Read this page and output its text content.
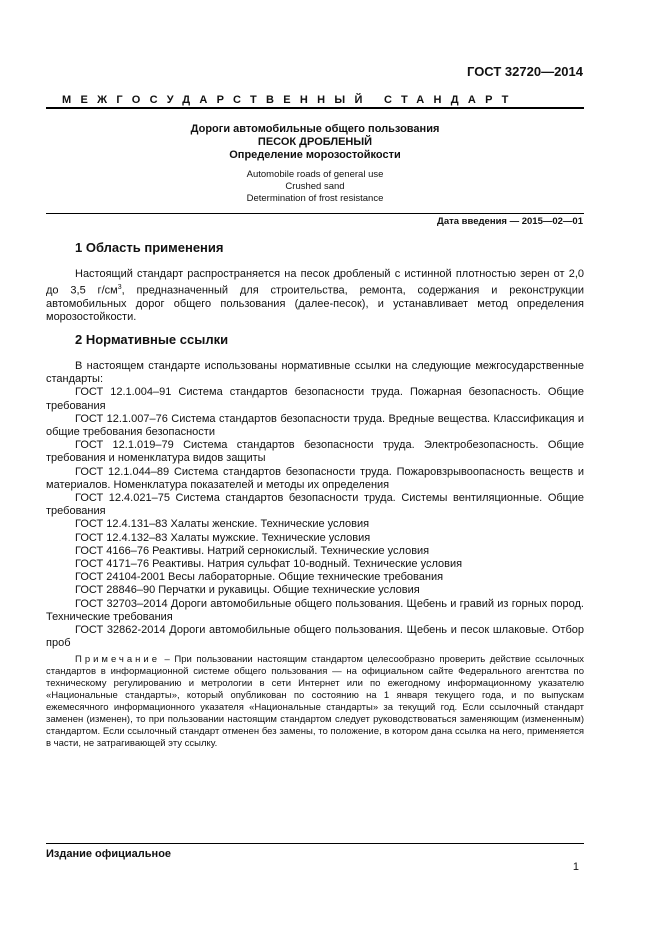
ГОСТ 32720—2014
МЕЖГОСУДАРСТВЕННЫЙ СТАНДАРТ
Дороги автомобильные общего пользования
ПЕСОК ДРОБЛЕНЫЙ
Определение морозостойкости
Automobile roads of general use
Crushed sand
Determination of frost resistance
Дата введения — 2015—02—01
1 Область применения
Настоящий стандарт распространяется на песок дробленый с истинной плотностью зерен от 2,0 до 3,5 $г/см^3$, предназначенный для строительства, ремонта, содержания и реконструкции автомобильных дорог общего пользования (далее-песок), и устанавливает метод определения морозостойкости.
2 Нормативные ссылки

В настоящем стандарте использованы нормативные ссылки на следующие межгосударственные стандарты:

ГОСТ 12.1.004–91 Система стандартов безопасности труда. Пожарная безопасность. Общие требования

ГОСТ 12.1.007–76 Система стандартов безопасности труда. Вредные вещества. Классификация и общие требования безопасности

ГОСТ 12.1.019–79 Система стандартов безопасности труда. Электробезопасность. Общие требования и номенклатура видов защиты

ГОСТ 12.1.044–89 Система стандартов безопасности труда. Пожаровзрывоопасность веществ и материалов. Номенклатура показателей и методы их определения

ГОСТ 12.4.021–75 Система стандартов безопасности труда. Системы вентиляционные. Общие требования

ГОСТ 12.4.131–83 Халаты женские. Технические условия

ГОСТ 12.4.132–83 Халаты мужские. Технические условия

ГОСТ 4166–76 Реактивы. Натрий сернокислый. Технические условия

ГОСТ 4171–76 Реактивы. Натрия сульфат 10-водный. Технические условия

ГОСТ 24104-2001 Весы лабораторные. Общие технические требования

ГОСТ 28846–90 Перчатки и рукавицы. Общие технические условия

ГОСТ 32703–2014 Дороги автомобильные общего пользования. Щебень и гравий из горных пород. Технические требования

ГОСТ 32862-2014 Дороги автомобильные общего пользования. Щебень и песок шлаковые. Отбор проб

Примечание – При пользовании настоящим стандартом целесообразно проверить действие ссылочных стандартов в информационной системе общего пользования — на официальном сайте Федерального агентства по техническому регулированию и метрологии в сети Интернет или по ежегодному информационному указателю «Национальные стандарты», который опубликован по состоянию на 1 января текущего года, и по выпускам ежемесячного информационного указателя «Национальные стандарты» за текущий год. Если ссылочный стандарт заменен (изменен), то при пользовании настоящим стандартом следует руководствоваться заменяющим (измененным) стандартом. Если ссылочный стандарт отменен без замены, то положение, в котором дана ссылка на него, применяется в части, не затрагивающей эту ссылку.

Издание официальное
1
